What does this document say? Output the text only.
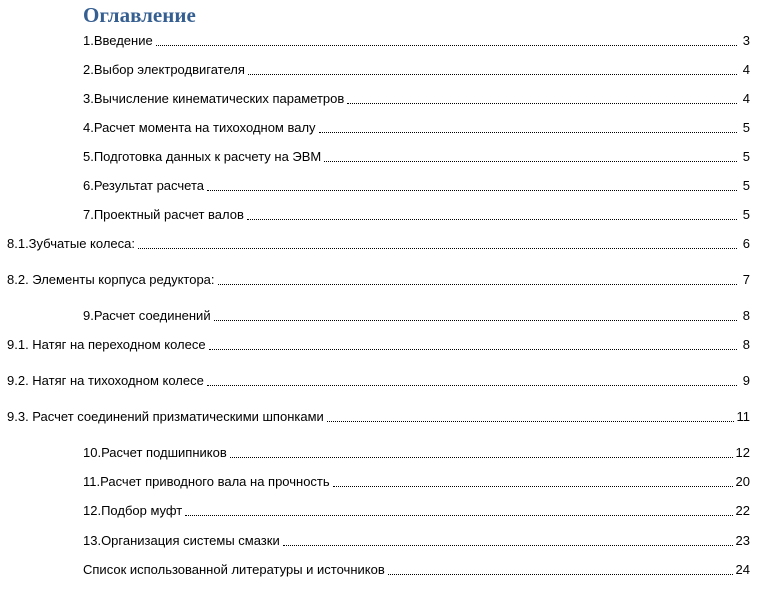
Оглавление
1.Введение	3
2.Выбор электродвигателя	4
3.Вычисление кинематических параметров	4
4.Расчет момента на тихоходном валу	5
5.Подготовка данных к расчету на ЭВМ	5
6.Результат расчета	5
7.Проектный расчет валов	5
8.1.Зубчатые колеса:	6
8.2. Элементы корпуса редуктора:	7
9.Расчет соединений	8
9.1. Натяг на переходном колесе	8
9.2. Натяг на тихоходном колесе	9
9.3. Расчет соединений призматическими шпонками	11
10.Расчет подшипников	12
11.Расчет приводного вала на прочность	20
12.Подбор муфт	22
13.Организация системы смазки	23
Список использованной литературы и источников	24
